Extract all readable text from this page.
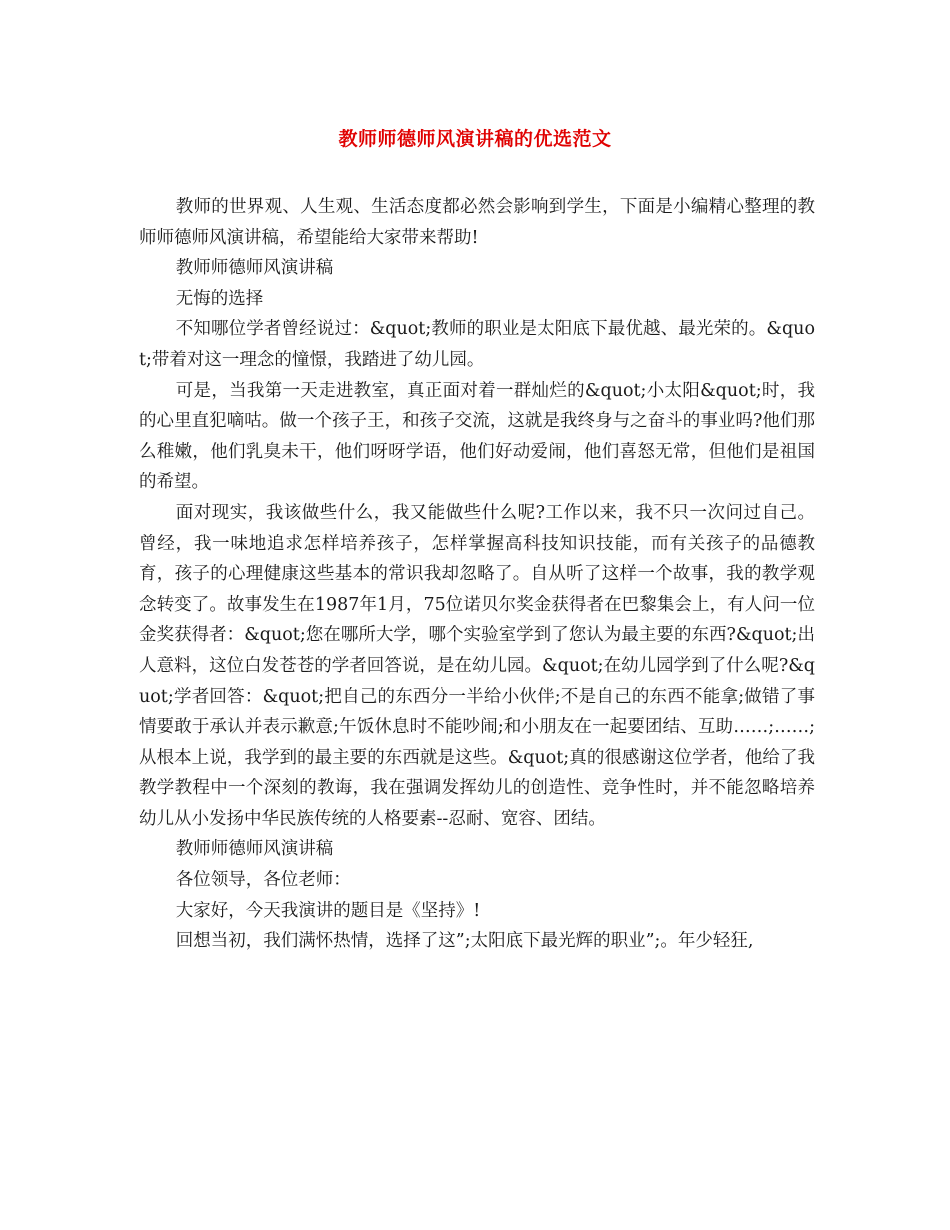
教师师德师风演讲稿的优选范文

教师的世界观、人生观、生活态度都必然会影响到学生，下面是小编精心整理的教师师德师风演讲稿，希望能给大家带来帮助!

教师师德师风演讲稿

无悔的选择

不知哪位学者曾经说过：&quot;教师的职业是太阳底下最优越、最光荣的。&quot;带着对这一理念的憧憬，我踏进了幼儿园。

可是，当我第一天走进教室，真正面对着一群灿烂的&quot;小太阳&quot;时，我的心里直犯嘀咕。做一个孩子王，和孩子交流，这就是我终身与之奋斗的事业吗?他们那么稚嫩，他们乳臭未干，他们呀呀学语，他们好动爱闹，他们喜怒无常，但他们是祖国的希望。

面对现实，我该做些什么，我又能做些什么呢?工作以来，我不只一次问过自己。曾经，我一味地追求怎样培养孩子，怎样掌握高科技知识技能，而有关孩子的品德教育，孩子的心理健康这些基本的常识我却忽略了。自从听了这样一个故事，我的教学观念转变了。故事发生在1987年1月，75位诺贝尔奖金获得者在巴黎集会上，有人问一位金奖获得者：&quot;您在哪所大学，哪个实验室学到了您认为最主要的东西?&quot;出人意料，这位白发苍苍的学者回答说，是在幼儿园。&quot;在幼儿园学到了什么呢?&quot;学者回答：&quot;把自己的东西分一半给小伙伴;不是自己的东西不能拿;做错了事情要敢于承认并表示歉意;午饭休息时不能吵闹;和小朋友在一起要团结、互助……;……;从根本上说，我学到的最主要的东西就是这些。&quot;真的很感谢这位学者，他给了我教学教程中一个深刻的教诲，我在强调发挥幼儿的创造性、竞争性时，并不能忽略培养幼儿从小发扬中华民族传统的人格要素--忍耐、宽容、团结。

教师师德师风演讲稿

各位领导，各位老师：

大家好，今天我演讲的题目是《坚持》!

回想当初，我们满怀热情，选择了这”;太阳底下最光辉的职业”;。年少轻狂,
